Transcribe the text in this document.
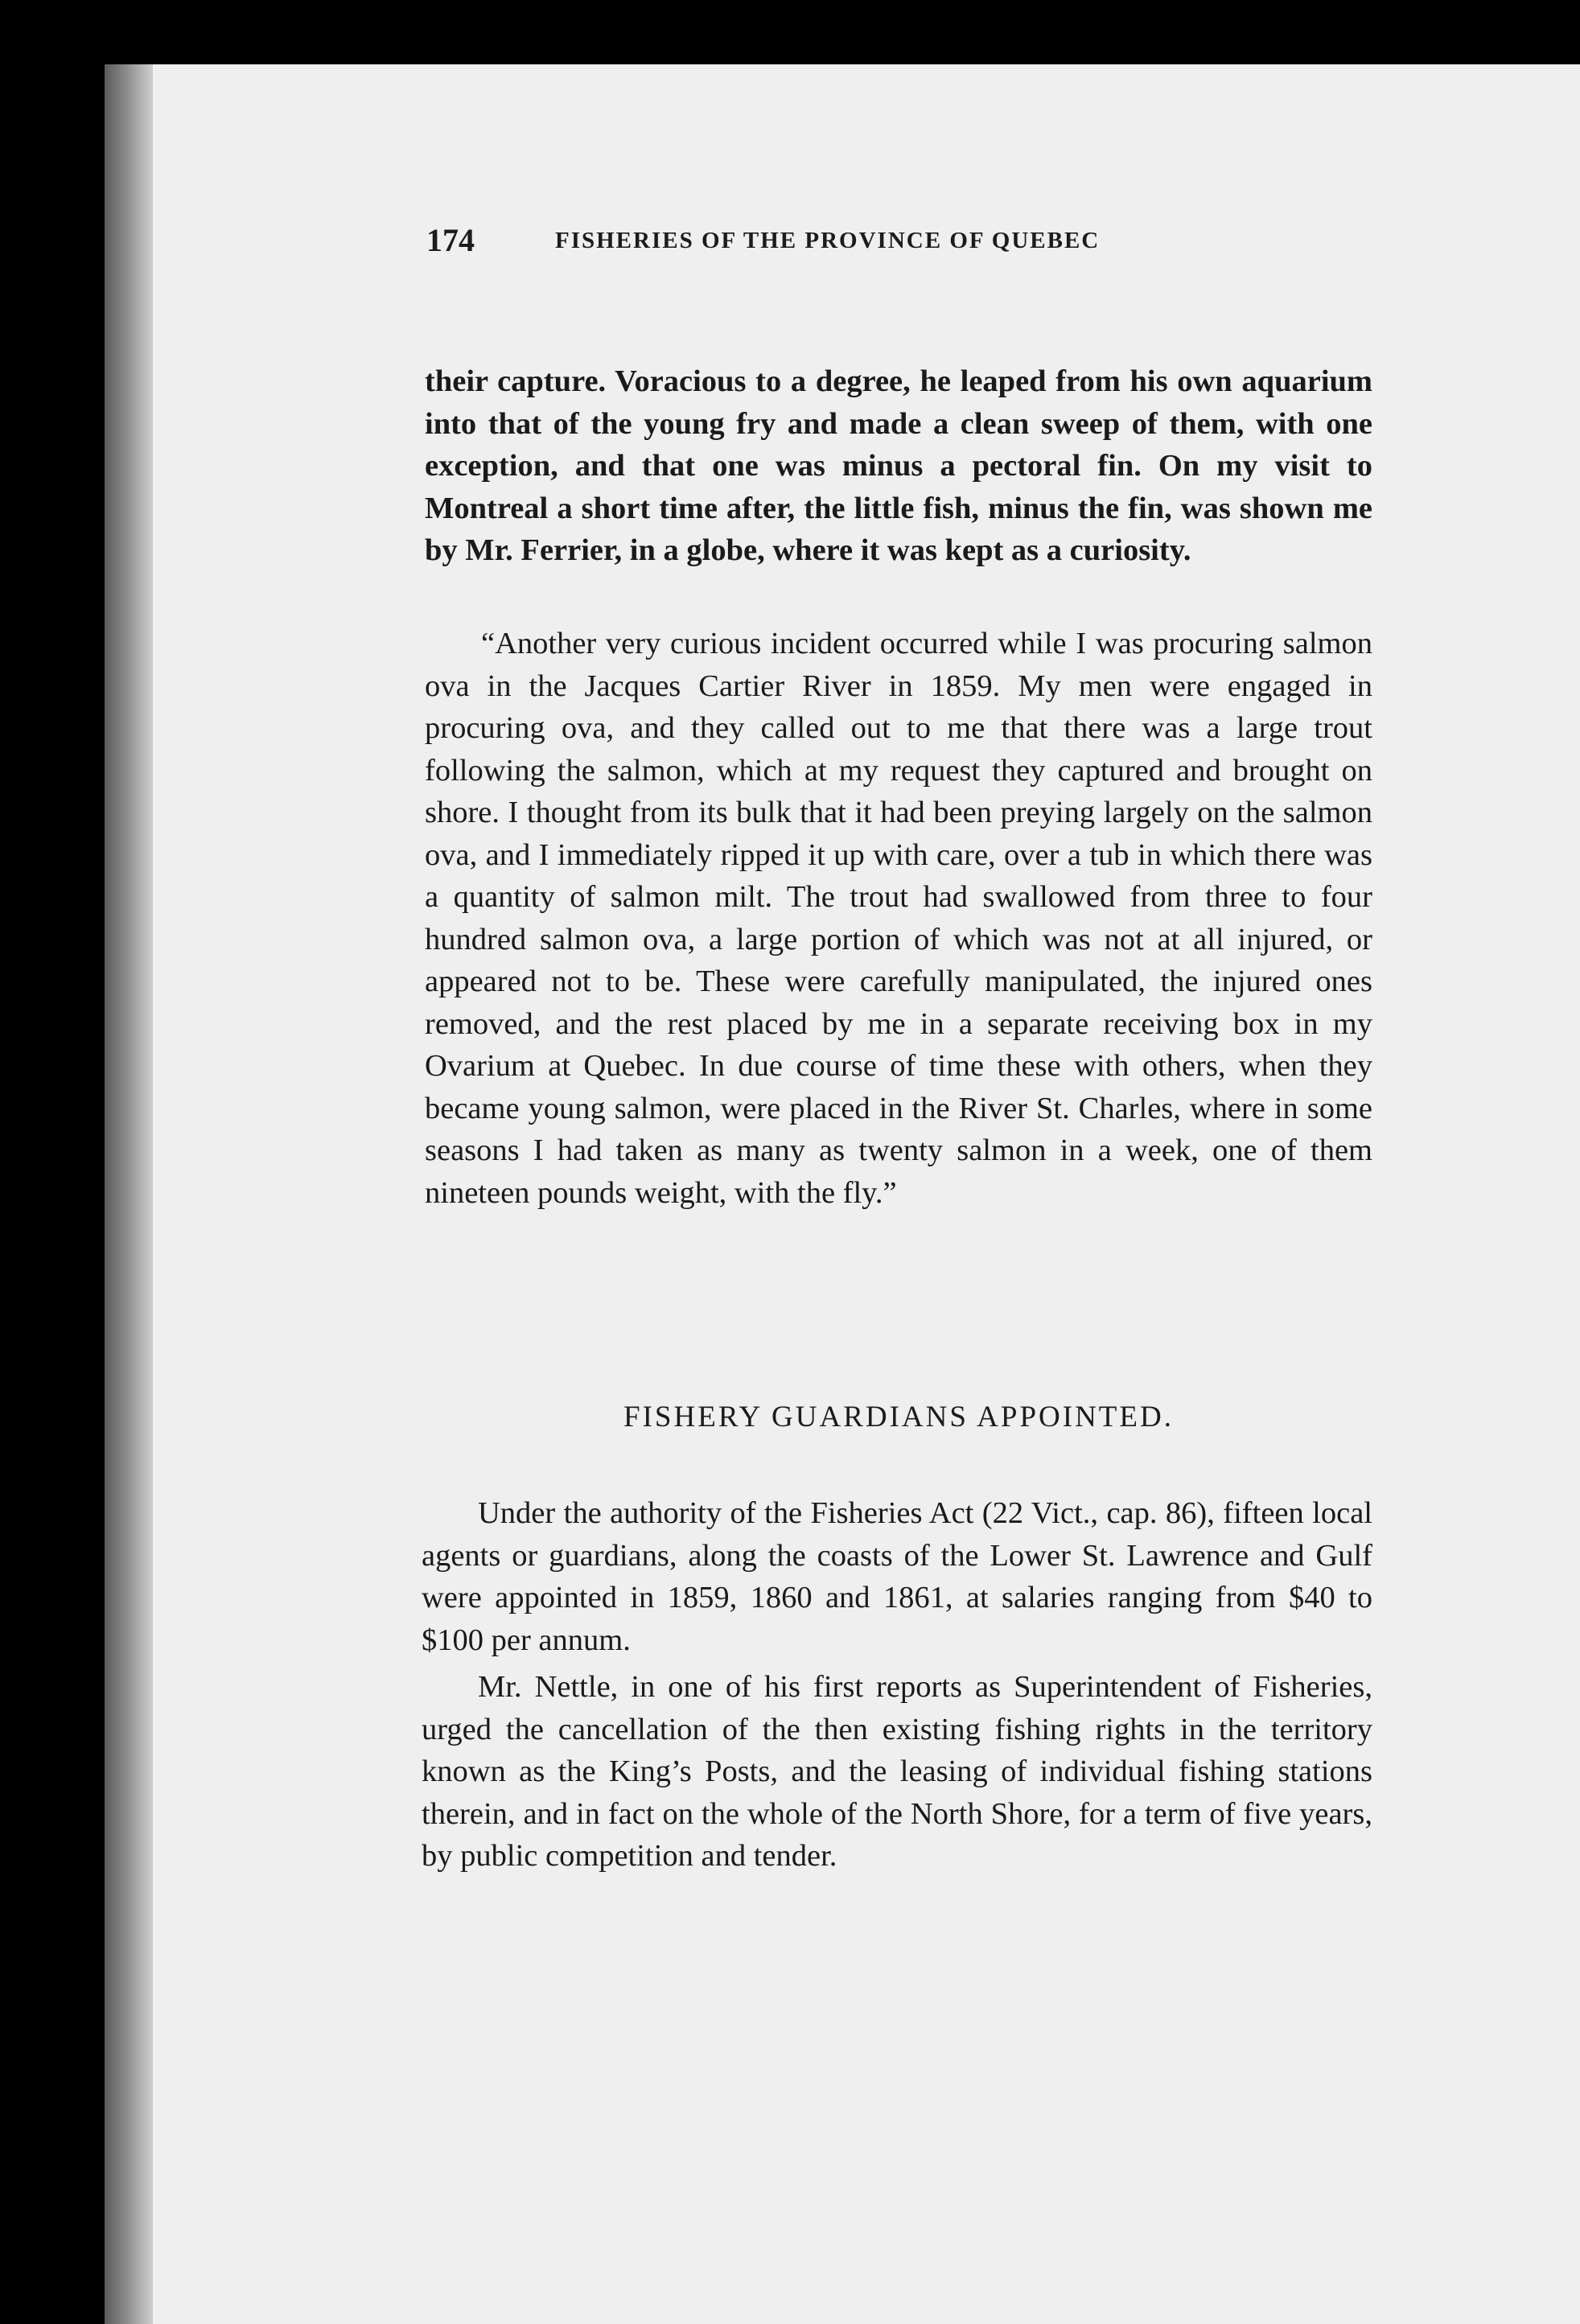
174	FISHERIES OF THE PROVINCE OF QUEBEC

their capture. Voracious to a degree, he leaped from his own aquarium into that of the young fry and made a clean sweep of them, with one exception, and that one was minus a pectoral fin. On my visit to Montreal a short time after, the little fish, minus the fin, was shown me by Mr. Ferrier, in a globe, where it was kept as a curiosity.

“Another very curious incident occurred while I was procuring salmon ova in the Jacques Cartier River in 1859. My men were engaged in procuring ova, and they called out to me that there was a large trout following the salmon, which at my request they captured and brought on shore. I thought from its bulk that it had been preying largely on the salmon ova, and I immediately ripped it up with care, over a tub in which there was a quantity of salmon milt. The trout had swallowed from three to four hundred salmon ova, a large portion of which was not at all injured, or appeared not to be. These were carefully manipulated, the injured ones removed, and the rest placed by me in a separate receiving box in my Ovarium at Quebec. In due course of time these with others, when they became young salmon, were placed in the River St. Charles, where in some seasons I had taken as many as twenty salmon in a week, one of them nineteen pounds weight, with the fly.”

FISHERY GUARDIANS APPOINTED.

Under the authority of the Fisheries Act (22 Vict., cap. 86), fifteen local agents or guardians, along the coasts of the Lower St. Lawrence and Gulf were appointed in 1859, 1860 and 1861, at salaries ranging from $40 to $100 per annum.

Mr. Nettle, in one of his first reports as Superintendent of Fisheries, urged the cancellation of the then existing fishing rights in the territory known as the King’s Posts, and the leasing of individual fishing stations therein, and in fact on the whole of the North Shore, for a term of five years, by public competition and tender.
